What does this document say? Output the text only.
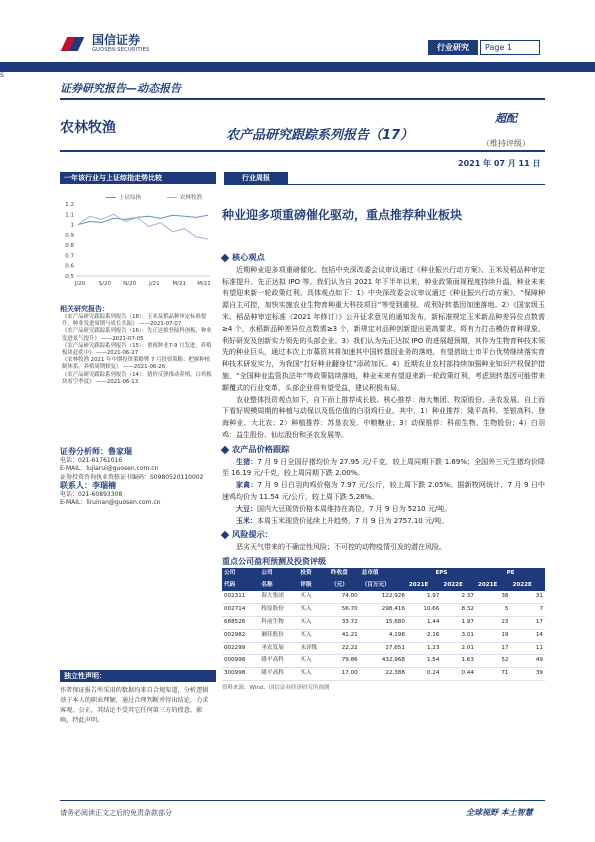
国信证券
GUOSEN SECURITIES	行业研究	Page 1
S
证券研究报告—动态报告
农林牧渔	农产品研究跟踪系列报告（17）
超配
（维持评级）
2021 年 07 月 11 日
一年该行业与上证综指走势比较
上证综指	农林牧渔
1.2
1.1
1
0.9
0.8
0.7
0.6
0.5
J/20 S/20 N/20 J/21 M/21 M/21
相关研究报告：
《农产品研究跟踪系列报告（18）：玉米及稻品种审定标准提升，种业发进周期与成长共振》 ——2021-07-07
《农产品研究跟踪系列报告（16）：先正达拟登陆科创板，种业发进景气提升》 ——2021-07-05
《农产品研究跟踪系列报告（15）：重视种业7-9 月发进，养殖板块赶底中》 ——2021-06-27
《农林牧渔 2021 年中期投资策略暨 7 月投资策略：把握种植制体系，养殖周期修复》 ——2021-06-26
《农产品研究跟踪系列报告（14）：猪价反弹推动养殖，白鸡板块看空季度》 ——2021-06-13
证券分析师：鲁家瑞
电话：021-61761016
E-MAIL：lujiarui@guosen.com.cn
证券投资咨询执业资格证书编码：S0980520110002
联系人：李瑞楠
电话：021-60893308
E-MAIL：liruinan@guosen.com.cn
独立性声明：
作者保证报告所采用的数据均来自合规渠道，分析逻辑基于本人的职业理解，通过合理判断并得出结论，力求客观、公正，其结论不受其它任何第三方的授意、影响，特此声明。
行业周报
种业迎多项重磅催化驱动，重点推荐种业板块
核心观点
近期种业迎多项重磅催化。包括中央深改委会议审议通过《种业振兴行动方案》、玉米及稻品种审定标准提升、先正达拟 IPO 等。我们认为自 2021 年下半年以来，种业政策面视程度持续升温，种业未来有望迎来新一轮政策红利。具体观点如下：1）中央深改委会议审议通过《种业振兴行动方案》，“保障种源自主可控，加快实施农业生物育种重大科技项目”等受到重视，或利好转基因加速落地。2）《国家级玉米、稻品种审定标准（2021 年修订）》公开征求意见的通知发布，新标准规定玉米新品种差异位点数需≥4 个，水稻新品种差异位点数需≥3 个，新规定对品种创新提出更高要求，将有力打击模仿育种现象，利好研发及创新实力领先的头部企业。3）我们认为先正达拟 IPO 的进展超预期，其作为生物育种技术领先的种业巨头，通过本次上市募资其将加速其中国转基因业务的落地，有望借助上市平台优势继续落实育种技术研发实力，为我国“打好种业翻身仗”添砖加瓦。4）近期农业农村部持续加强种业知识产权保护措施，“全国种业监管执法年”等政策陆续落地，种业未来有望迎来新一轮政策红利，考虑到转基因可能带来颠覆式的行业变革，头部企业将有望受益，建议积极布局。
农业整体投资观点如下，自下而上推荐成长股。核心推荐：海大集团、牧原股份、圣农发展、自上而下看好规模周期的种植与动保以及低估值的白羽鸡行业。其中，1）种业推荐：隆平高科、荃银高科、登海种业、大北农；2）种植推荐：苏垦农发、中粮糖业；3）动保推荐：科前生物、生物股份；4）白羽鸡：益生股份、仙坛股份和圣农发展等。
农产品价格跟踪
生猪：7 月 9 日全国仔猪均价为 27.95 元/千克，较上周同期下跌 1.69%；全国外三元生猪均价降至 16.19 元/千克，较上周同期下跌 2.00%。
家禽：7 月 9 日白羽肉鸡价格为 7.97 元/公斤，较上周下跌 2.05%。据新牧网统计，7 月 9 日中速鸡均价为 11.54 元/公斤，较上周下跌 5.26%。
大豆：国内大豆现货价格本周维持在高位，7 月 9 日为 5210 元/吨。
玉米：本周玉米现货价延续上升趋势，7 月 9 日为 2757.10 元/吨。
风险提示：
恶劣天气带来的不确定性风险；不可控的动物疫情引发的潜在风险。
重点公司盈利预测及投资评级
公司	公司	投资	昨收盘	总市值	EPS		PE	
代码	名称	评级	（元）	（百万元）	2021E	2022E	2021E	2022E
002311	海大集团	买入	74.00	122,926	1.97	2.37	38	31
002714	牧原股份	买入	56.70	298,416	10.66	8.32	5	7
688526	科前生物	买入	33.72	15,680	1.44	1.97	23	17
002982	湘佳股份	买入	41.21	4,198	2.16	3.01	19	14
002299	圣农发展	未评级	22.22	27,651	1.23	2.01	17	11
000998	隆平高科	买入	79.86	432,968	1.54	1.63	52	49
300998	隆平高科	买入	17.00	22,388	0.24	0.44	71	39
资料来源：Wind、国信证券经济研究所预测
请务必阅读正文之后的免责条款部分	全球视野 本土智慧
